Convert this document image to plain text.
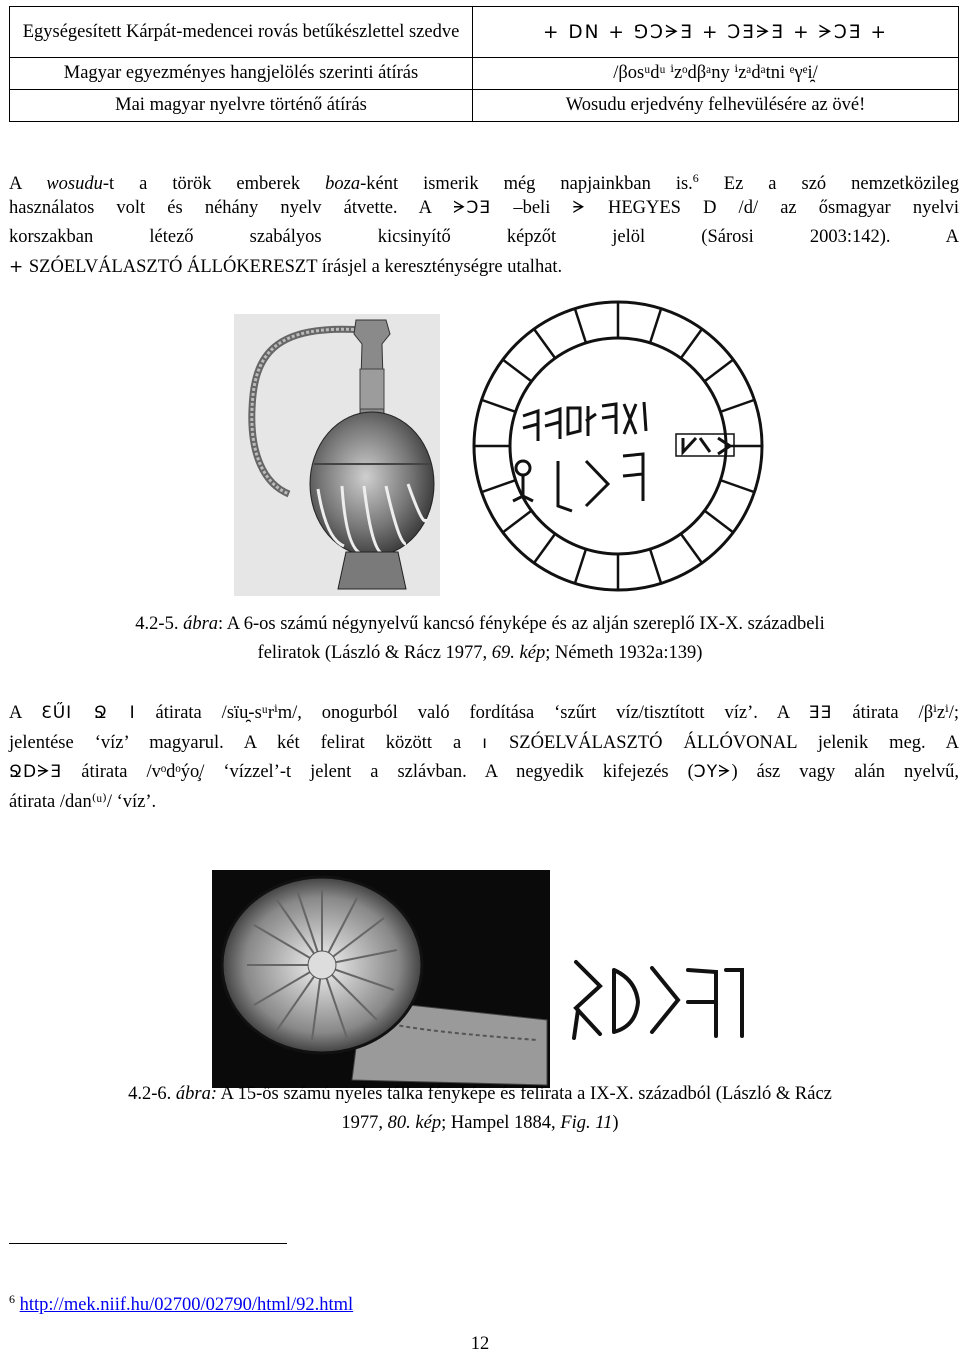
Egységesített Kárpát-medencei rovás betűkészlettel szedve	+ DN + ⅁ƆᗒƎ + ƆƎᗒƎ + ᗒƆƎ +
Magyar egyezményes hangjelölés szerinti átírás	/βosᵘdᵘ ⁱzᵒdβᵃny ⁱzᵃdᵃtni ᵉγᵉi̯/
Mai magyar nyelvre történő átírás	Wosudu erjedvény felhevülésére az övé!
A wosudu-t a török emberek boza-ként ismerik még napjainkban is.$^6$ Ez a szó nemzetközileg
használatos volt és néhány nyelv átvette. A ᗒƆƎ –beli ᗒ HEGYES D /d/ az ősmagyar nyelvi
korszakban létező szabályos kicsinyítő képzőt jelöl (Sárosi 2003:142). A
+ SZÓELVÁLASZTÓ ÁLLÓKERESZT írásjel a kereszténységre utalhat.
4.2-5. ábra: A 6-os számú négynyelvű kancsó fényképe és az alján szereplő IX-X. századbeli
feliratok (László & Rácz 1977, 69. kép; Németh 1932a:139)
A ƐŰI Ջ I átirata /sïu̯-sᵘrⁱm/, onogurból való fordítása ‘szűrt víz/tisztított víz’. A ƎƎ átirata /βⁱzⁱ/;
jelentése ‘víz’ magyarul. A két felirat között a ı SZÓELVÁLASZTÓ ÁLLÓVONAL jelenik meg. A
ՋDᗒƎ átirata /vᵒdᵒýo̧/ ‘vízzel’-t jelent a szlávban. A negyedik kifejezés (ƆYᗒ) ász vagy alán nyelvű,
átirata /dan⁽ᵘ⁾/ ‘víz’.
4.2-6. ábra: A 15-ös számú nyeles tálka fényképe és felirata a IX-X. századból (László & Rácz
1977, 80. kép; Hampel 1884, Fig. 11)
$^6$ http://mek.niif.hu/02700/02790/html/92.html
12
